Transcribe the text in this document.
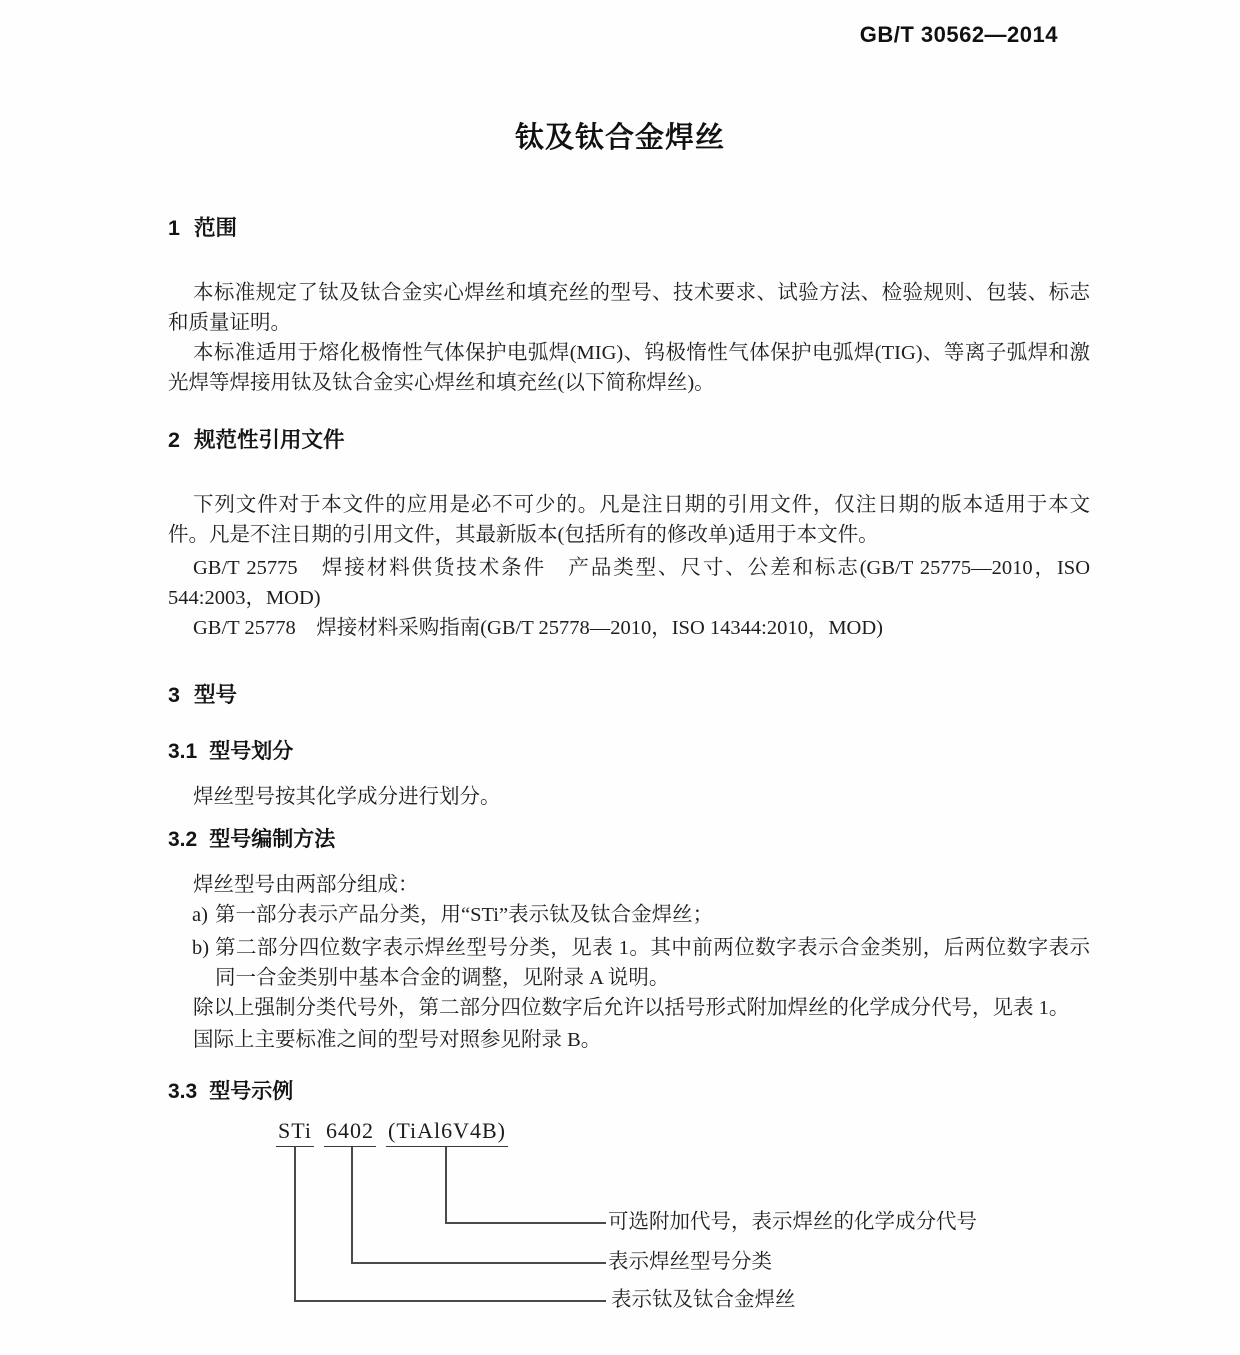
GB/T 30562—2014
钛及钛合金焊丝
1 范围

本标准规定了钛及钛合金实心焊丝和填充丝的型号、技术要求、试验方法、检验规则、包装、标志和质量证明。

本标准适用于熔化极惰性气体保护电弧焊(MIG)、钨极惰性气体保护电弧焊(TIG)、等离子弧焊和激光焊等焊接用钛及钛合金实心焊丝和填充丝(以下简称焊丝)。

2 规范性引用文件

下列文件对于本文件的应用是必不可少的。凡是注日期的引用文件，仅注日期的版本适用于本文件。凡是不注日期的引用文件，其最新版本(包括所有的修改单)适用于本文件。

GB/T 25775　焊接材料供货技术条件　产品类型、尺寸、公差和标志(GB/T 25775—2010，ISO 544:2003，MOD)

GB/T 25778　焊接材料采购指南(GB/T 25778—2010，ISO 14344:2010，MOD)

3 型号
3.1 型号划分

焊丝型号按其化学成分进行划分。

3.2 型号编制方法

焊丝型号由两部分组成：

a) 第一部分表示产品分类，用“STi”表示钛及钛合金焊丝；
b) 第二部分四位数字表示焊丝型号分类，见表 1。其中前两位数字表示合金类别，后两位数字表示同一合金类别中基本合金的调整，见附录 A 说明。

除以上强制分类代号外，第二部分四位数字后允许以括号形式附加焊丝的化学成分代号，见表 1。

国际上主要标准之间的型号对照参见附录 B。

3.3 型号示例
STi 6402 (TiAl6V4B)
可选附加代号，表示焊丝的化学成分代号
表示焊丝型号分类
表示钛及钛合金焊丝
